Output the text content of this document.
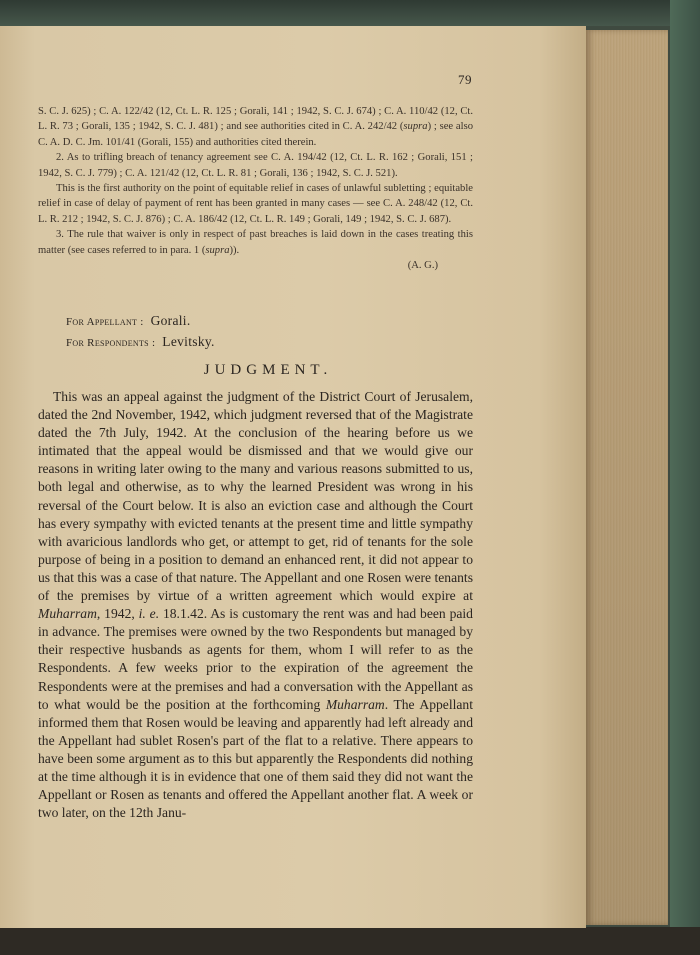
79

S. C. J. 625) ; C. A. 122/42 (12, Ct. L. R. 125 ; Gorali, 141 ; 1942, S. C. J. 674) ; C. A. 110/42 (12, Ct. L. R. 73 ; Gorali, 135 ; 1942, S. C. J. 481) ; and see authorities cited in C. A. 242/42 (supra) ; see also C. A. D. C. Jm. 101/41 (Gorali, 155) and authorities cited therein.

2. As to trifling breach of tenancy agreement see C. A. 194/42 (12, Ct. L. R. 162 ; Gorali, 151 ; 1942, S. C. J. 779) ; C. A. 121/42 (12, Ct. L. R. 81 ; Gorali, 136 ; 1942, S. C. J. 521).

This is the first authority on the point of equitable relief in cases of unlawful subletting ; equitable relief in case of delay of payment of rent has been granted in many cases — see C. A. 248/42 (12, Ct. L. R. 212 ; 1942, S. C. J. 876) ; C. A. 186/42 (12, Ct. L. R. 149 ; Gorali, 149 ; 1942, S. C. J. 687).

3. The rule that waiver is only in respect of past breaches is laid down in the cases treating this matter (see cases referred to in para. 1 (supra)).

(A. G.)

For Appellant : Gorali.
For Respondents : Levitsky.
JUDGMENT.
This was an appeal against the judgment of the District Court of Jerusalem, dated the 2nd November, 1942, which judgment reversed that of the Magistrate dated the 7th July, 1942. At the conclusion of the hearing before us we intimated that the appeal would be dismissed and that we would give our reasons in writing later owing to the many and various reasons submitted to us, both legal and otherwise, as to why the learned President was wrong in his reversal of the Court below. It is also an eviction case and although the Court has every sympathy with evicted tenants at the present time and little sympathy with avaricious landlords who get, or attempt to get, rid of tenants for the sole purpose of being in a position to demand an enhanced rent, it did not appear to us that this was a case of that nature. The Appellant and one Rosen were tenants of the premises by virtue of a written agreement which would expire at Muharram, 1942, i. e. 18.1.42. As is customary the rent was and had been paid in advance. The premises were owned by the two Respondents but managed by their respective husbands as agents for them, whom I will refer to as the Respondents. A few weeks prior to the expiration of the agreement the Respondents were at the premises and had a conversation with the Appellant as to what would be the position at the forthcoming Muharram. The Appellant informed them that Rosen would be leaving and apparently had left already and the Appellant had sublet Rosen's part of the flat to a relative. There appears to have been some argument as to this but apparently the Respondents did nothing at the time although it is in evidence that one of them said they did not want the Appellant or Rosen as tenants and offered the Appellant another flat. A week or two later, on the 12th Janu-
